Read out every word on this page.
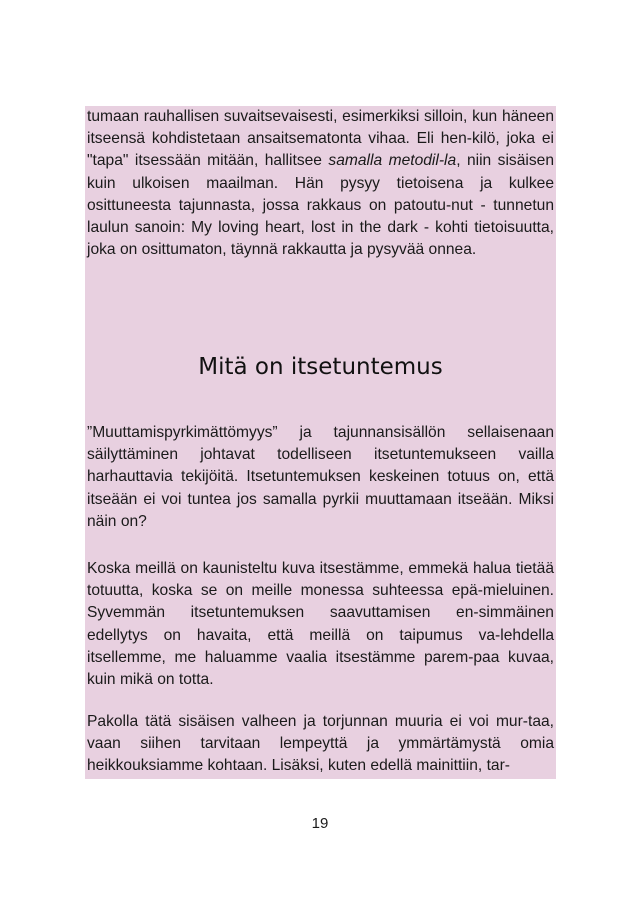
tumaan rauhallisen suvaitsevaisesti, esimerkiksi silloin, kun häneen itseensä kohdistetaan ansaitsematonta vihaa. Eli hen-kilö, joka ei "tapa" itsessään mitään, hallitsee samalla metodil-la, niin sisäisen kuin ulkoisen maailman. Hän pysyy tietoisena ja kulkee osittuneesta tajunnasta, jossa rakkaus on patoutu-nut - tunnetun laulun sanoin: My loving heart, lost in the dark - kohti tietoisuutta, joka on osittumaton, täynnä rakkautta ja pysyvää onnea.

Mitä on itsetuntemus

”Muuttamispyrkimättömyys” ja tajunnansisällön sellaisenaan säilyttäminen johtavat todelliseen itsetuntemukseen vailla harhauttavia tekijöitä. Itsetuntemuksen keskeinen totuus on, että itseään ei voi tuntea jos samalla pyrkii muuttamaan itseään. Miksi näin on?

Koska meillä on kaunisteltu kuva itsestämme, emmekä halua tietää totuutta, koska se on meille monessa suhteessa epä-mieluinen. Syvemmän itsetuntemuksen saavuttamisen en-simmäinen edellytys on havaita, että meillä on taipumus va-lehdella itsellemme, me haluamme vaalia itsestämme parem-paa kuvaa, kuin mikä on totta.

Pakolla tätä sisäisen valheen ja torjunnan muuria ei voi mur-taa, vaan siihen tarvitaan lempeyttä ja ymmärtämystä omia heikkouksiamme kohtaan. Lisäksi, kuten edellä mainittiin, tar-

19
